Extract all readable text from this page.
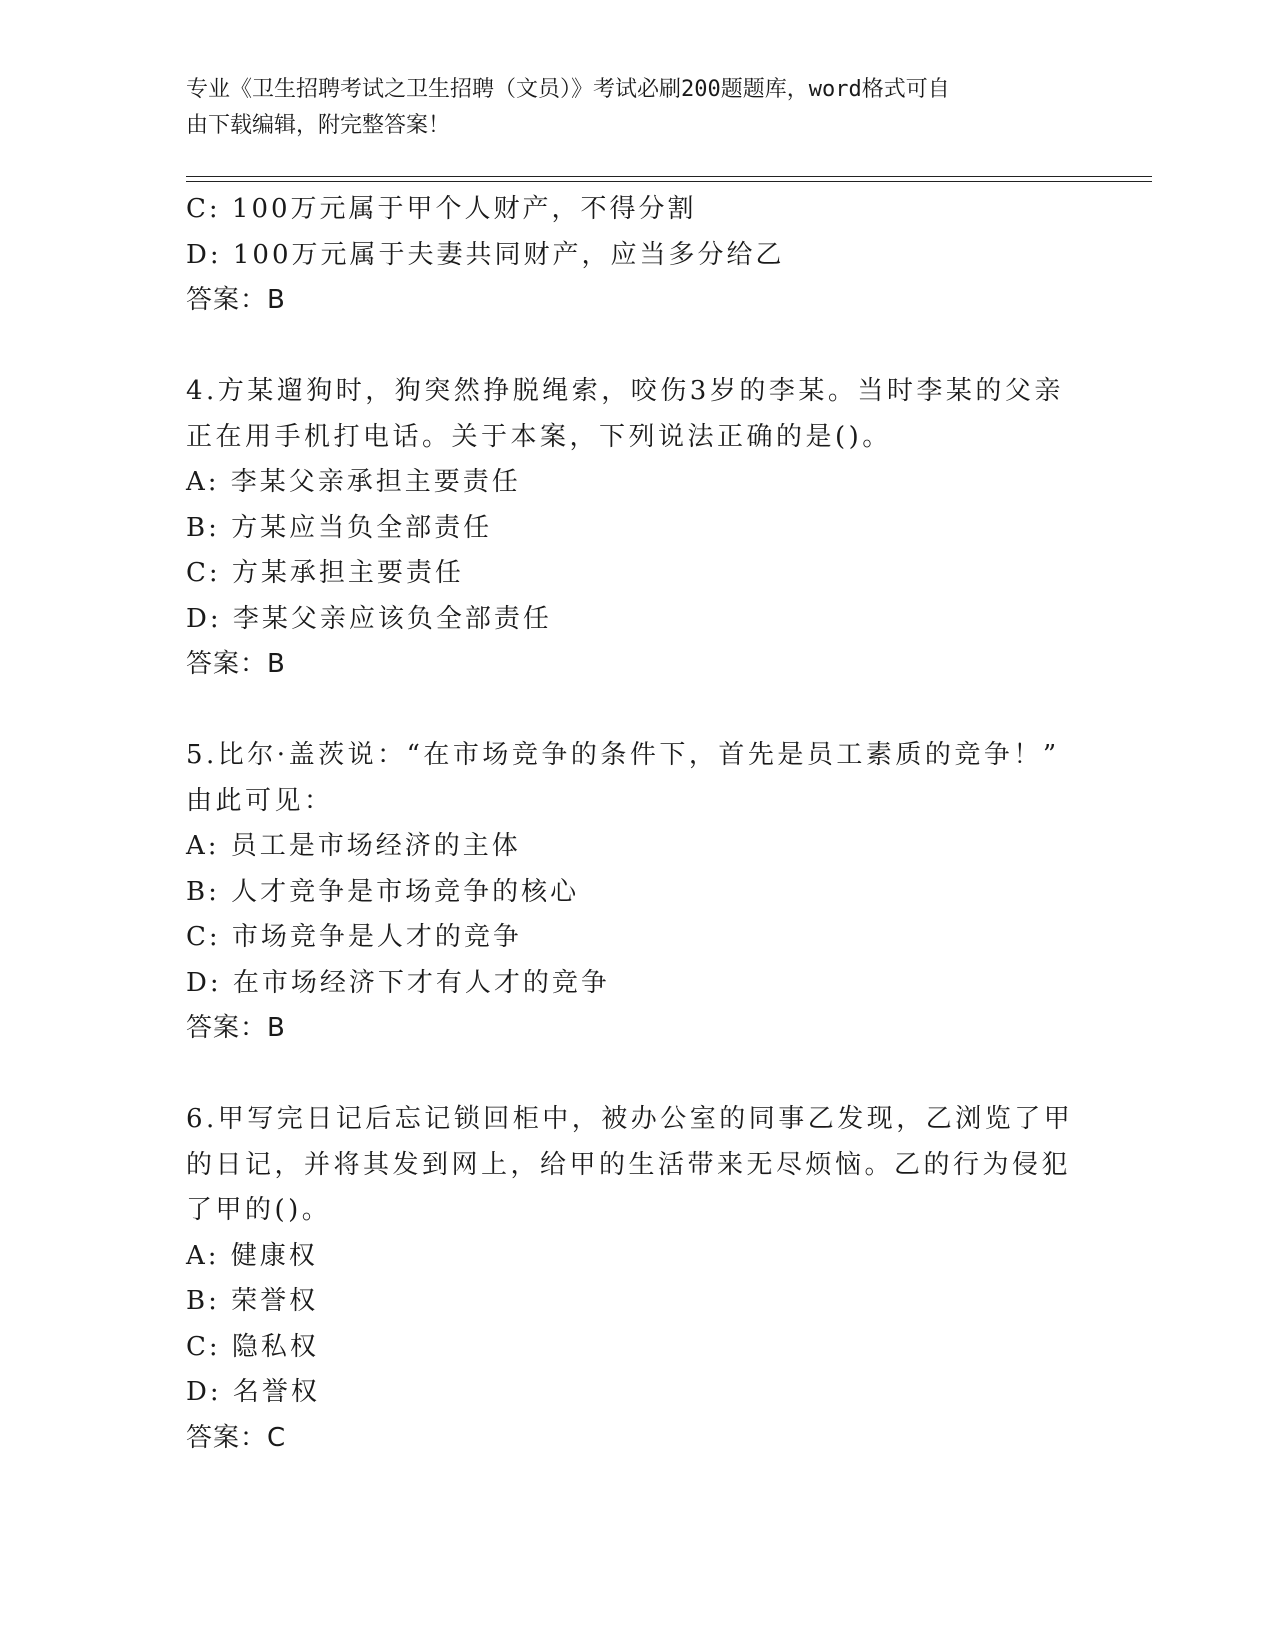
专业《卫生招聘考试之卫生招聘（文员）》考试必刷200题题库，word格式可自
由下载编辑，附完整答案！
C: 100万元属于甲个人财产，不得分割
D: 100万元属于夫妻共同财产，应当多分给乙
答案：B
4.方某遛狗时，狗突然挣脱绳索，咬伤3岁的李某。当时李某的父亲
正在用手机打电话。关于本案，下列说法正确的是()。
A: 李某父亲承担主要责任
B: 方某应当负全部责任
C: 方某承担主要责任
D: 李某父亲应该负全部责任
答案：B
5.比尔·盖茨说：“在市场竞争的条件下，首先是员工素质的竞争！”
由此可见：
A: 员工是市场经济的主体
B: 人才竞争是市场竞争的核心
C: 市场竞争是人才的竞争
D: 在市场经济下才有人才的竞争
答案：B
6.甲写完日记后忘记锁回柜中，被办公室的同事乙发现，乙浏览了甲
的日记，并将其发到网上，给甲的生活带来无尽烦恼。乙的行为侵犯
了甲的()。
A: 健康权
B: 荣誉权
C: 隐私权
D: 名誉权
答案：C
